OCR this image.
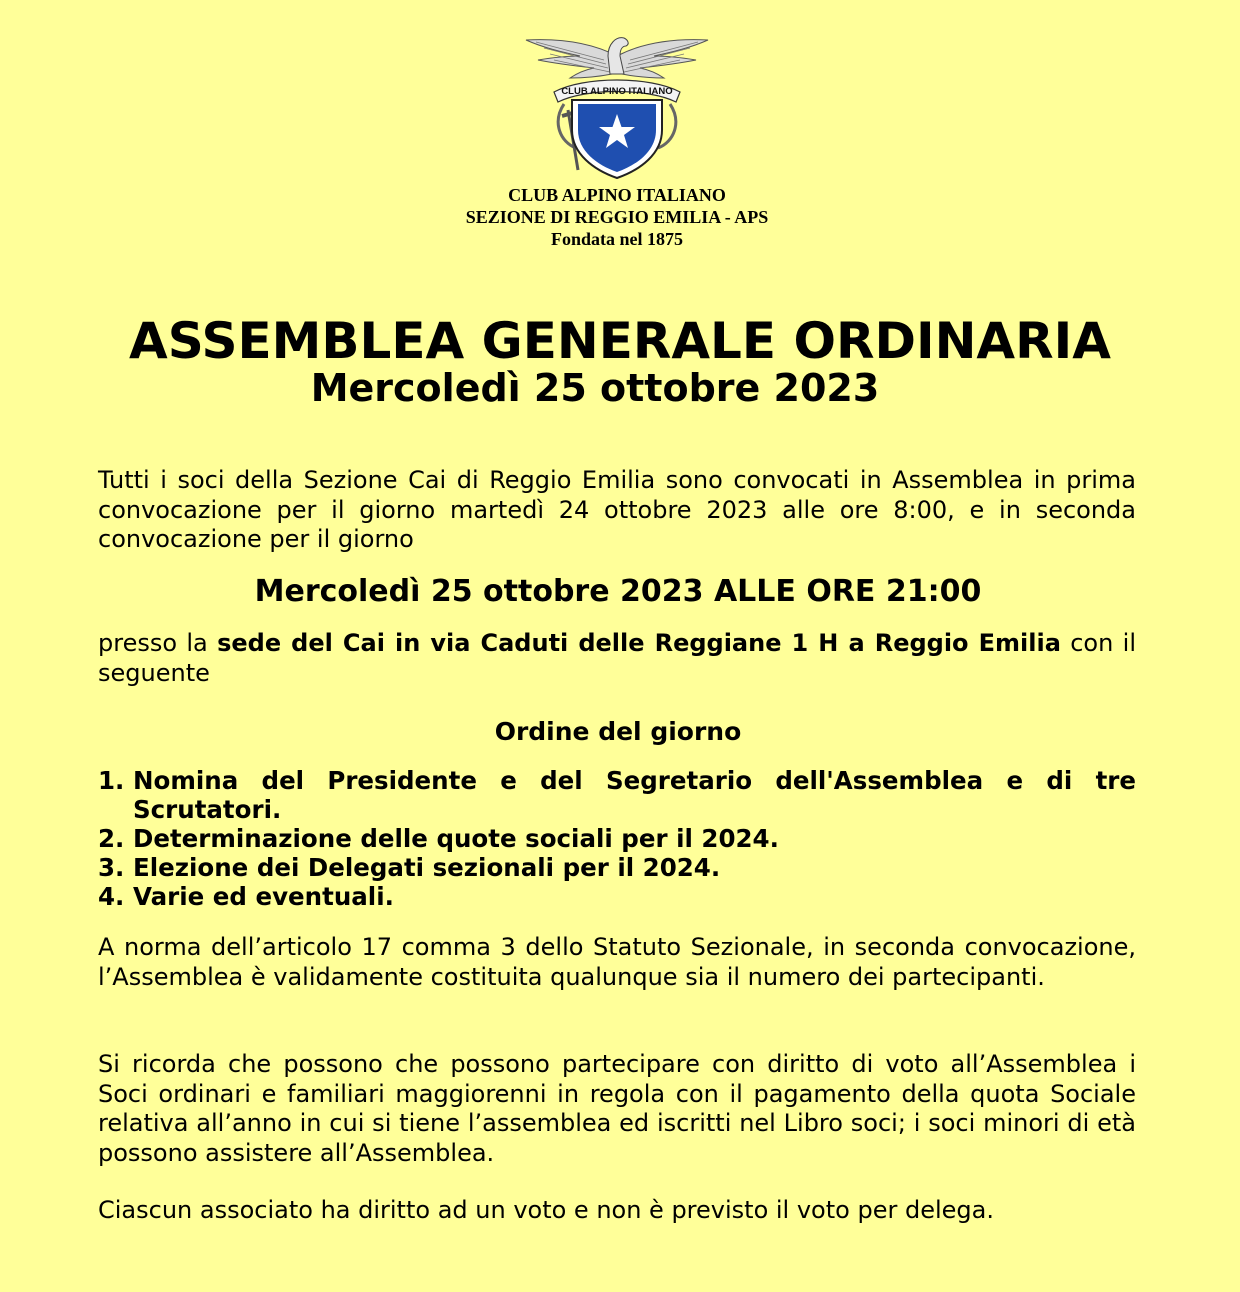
CLUB ALPINO ITALIANO
CLUB ALPINO ITALIANO
SEZIONE DI REGGIO EMILIA - APS
Fondata nel 1875
ASSEMBLEA GENERALE ORDINARIA
Mercoledì 25 ottobre 2023
Tutti i soci della Sezione Cai di Reggio Emilia sono convocati in Assemblea in prima convocazione per il giorno martedì 24 ottobre 2023 alle ore 8:00, e in seconda convocazione per il giorno
Mercoledì 25 ottobre 2023 ALLE ORE 21:00
presso la sede del Cai in via Caduti delle Reggiane 1 H a Reggio Emilia con il seguente
Ordine del giorno
1. Nomina del Presidente e del Segretario dell'Assemblea e di tre Scrutatori.
2. Determinazione delle quote sociali per il 2024.
3. Elezione dei Delegati sezionali per il 2024.
4. Varie ed eventuali.
A norma dell’articolo 17 comma 3 dello Statuto Sezionale, in seconda convocazione, l’Assemblea è validamente costituita qualunque sia il numero dei partecipanti.
Si ricorda che possono che possono partecipare con diritto di voto all’Assemblea i Soci ordinari e familiari maggiorenni in regola con il pagamento della quota Sociale relativa all’anno in cui si tiene l’assemblea ed iscritti nel Libro soci; i soci minori di età possono assistere all’Assemblea.
Ciascun associato ha diritto ad un voto e non è previsto il voto per delega.
